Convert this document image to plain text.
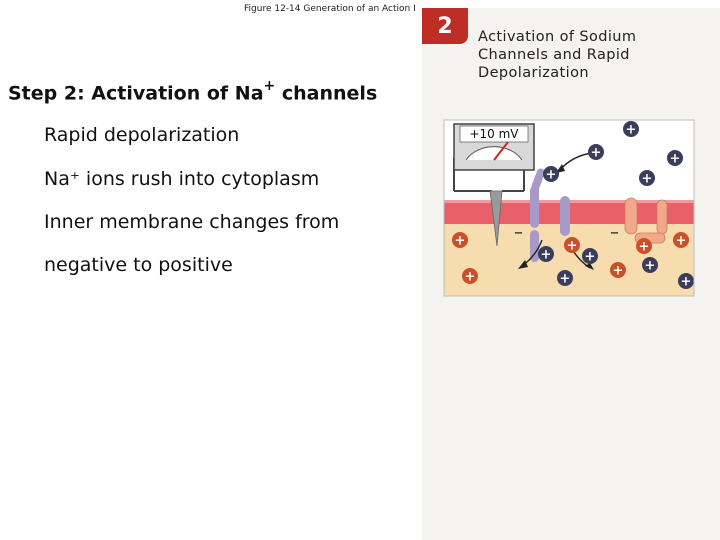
Figure 12-14 Generation of an Action I
Step 2: Activation of Na+ channels
Rapid depolarization
Na⁺ ions rush into cytoplasm
Inner membrane changes from
negative to positive
2	Activation of Sodium Channels and Rapid Depolarization
+10 mV
–	–
+
+	+
+	+
+
+
+
+
+
+
+
+ +
+
+
